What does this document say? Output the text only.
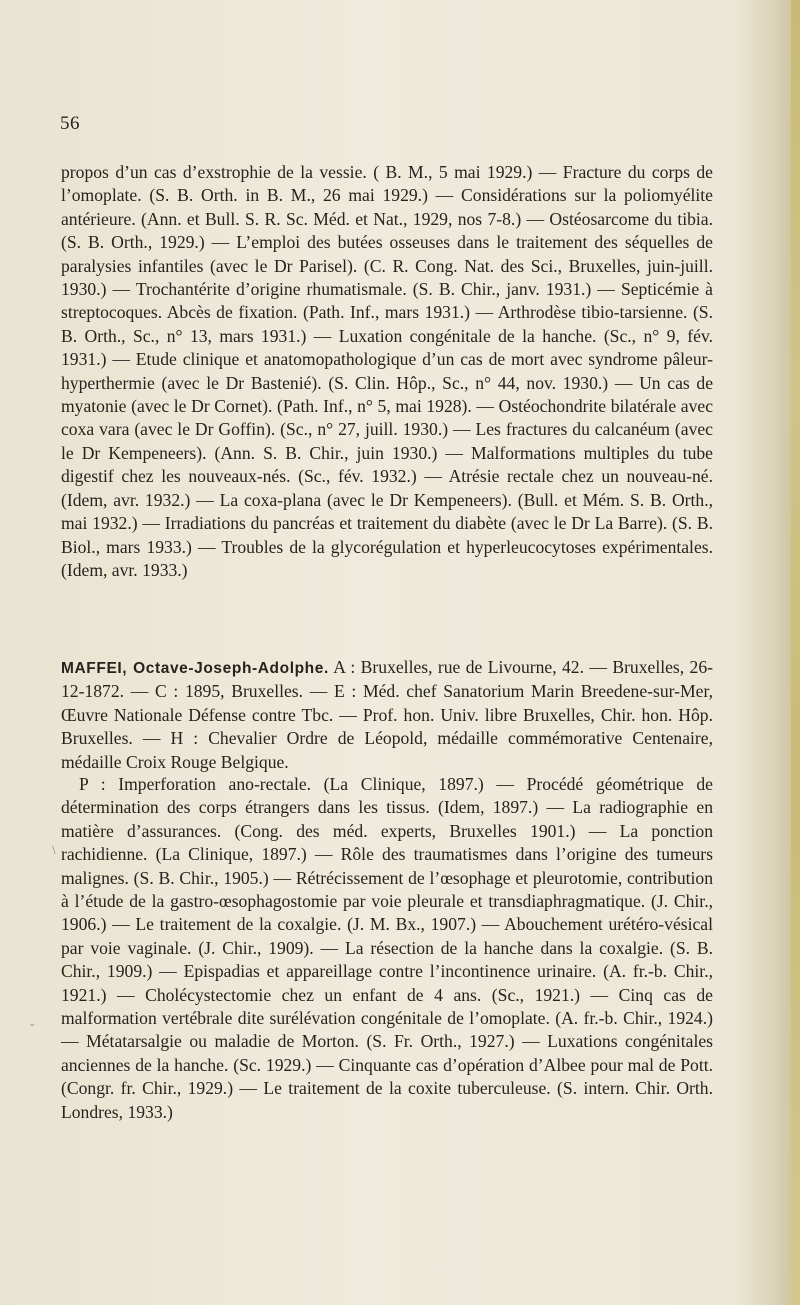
56

propos d’un cas d’exstrophie de la vessie. ( B. M., 5 mai 1929.) — Fracture du corps de l’omoplate. (S. B. Orth. in B. M., 26 mai 1929.) — Considérations sur la poliomyélite antérieure. (Ann. et Bull. S. R. Sc. Méd. et Nat., 1929, nos 7-8.) — Ostéosarcome du tibia. (S. B. Orth., 1929.) — L’emploi des butées osseuses dans le traitement des séquelles de paralysies infantiles (avec le Dr Parisel). (C. R. Cong. Nat. des Sci., Bruxelles, juin-juill. 1930.) — Trochantérite d’origine rhumatismale. (S. B. Chir., janv. 1931.) — Septicémie à streptocoques. Abcès de fixation. (Path. Inf., mars 1931.) — Arthrodèse tibio-tarsienne. (S. B. Orth., Sc., n° 13, mars 1931.) — Luxation congénitale de la hanche. (Sc., n° 9, fév. 1931.) — Etude clinique et anatomopathologique d’un cas de mort avec syndrome pâleur-hyperthermie (avec le Dr Bastenié). (S. Clin. Hôp., Sc., n° 44, nov. 1930.) — Un cas de myatonie (avec le Dr Cornet). (Path. Inf., n° 5, mai 1928). — Ostéochondrite bilatérale avec coxa vara (avec le Dr Goffin). (Sc., n° 27, juill. 1930.) — Les fractures du calcanéum (avec le Dr Kempeneers). (Ann. S. B. Chir., juin 1930.) — Malformations multiples du tube digestif chez les nouveaux-nés. (Sc., fév. 1932.) — Atrésie rectale chez un nouveau-né. (Idem, avr. 1932.) — La coxa-plana (avec le Dr Kempeneers). (Bull. et Mém. S. B. Orth., mai 1932.) — Irradiations du pancréas et traitement du diabète (avec le Dr La Barre). (S. B. Biol., mars 1933.) — Troubles de la glycorégulation et hyperleucocytoses expérimentales. (Idem, avr. 1933.)

MAFFEI, Octave-Joseph-Adolphe. A : Bruxelles, rue de Livourne, 42. — Bruxelles, 26-12-1872. — C : 1895, Bruxelles. — E : Méd. chef Sanatorium Marin Breedene-sur-Mer, Œuvre Nationale Défense contre Tbc. — Prof. hon. Univ. libre Bruxelles, Chir. hon. Hôp. Bruxelles. — H : Chevalier Ordre de Léopold, médaille commémorative Centenaire, médaille Croix Rouge Belgique.

P : Imperforation ano-rectale. (La Clinique, 1897.) — Procédé géométrique de détermination des corps étrangers dans les tissus. (Idem, 1897.) — La radiographie en matière d’assurances. (Cong. des méd. experts, Bruxelles 1901.) — La ponction rachidienne. (La Clinique, 1897.) — Rôle des traumatismes dans l’origine des tumeurs malignes. (S. B. Chir., 1905.) — Rétrécissement de l’œsophage et pleurotomie, contribution à l’étude de la gastro-œsophagostomie par voie pleurale et transdiaphragmatique. (J. Chir., 1906.) — Le traitement de la coxalgie. (J. M. Bx., 1907.) — Abouchement urétéro-vésical par voie vaginale. (J. Chir., 1909). — La résection de la hanche dans la coxalgie. (S. B. Chir., 1909.) — Epispadias et appareillage contre l’incontinence urinaire. (A. fr.-b. Chir., 1921.) — Cholécystectomie chez un enfant de 4 ans. (Sc., 1921.) — Cinq cas de malformation vertébrale dite surélévation congénitale de l’omoplate. (A. fr.-b. Chir., 1924.) — Métatarsalgie ou maladie de Morton. (S. Fr. Orth., 1927.) — Luxations congénitales anciennes de la hanche. (Sc. 1929.) — Cinquante cas d’opération d’Albee pour mal de Pott. (Congr. fr. Chir., 1929.) — Le traitement de la coxite tuberculeuse. (S. intern. Chir. Orth. Londres, 1933.)

\
-
